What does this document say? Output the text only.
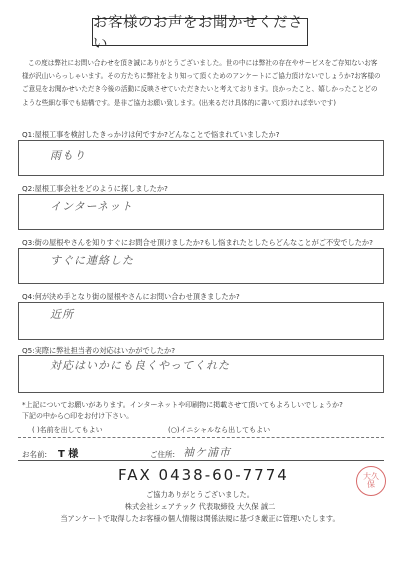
お客様のお声をお聞かせください
この度は弊社にお問い合わせを頂き誠にありがとうございました。世の中には弊社の存在やサービスをご存知ないお客様が沢山いらっしゃいます。その方たちに弊社をより知って頂くためのアンケートにご協力頂けないでしょうか?お客様のご意見をお聞かせいただき今後の活動に反映させていただきたいと考えております。良かったこと、嬉しかったことどのような些細な事でも結構です。是非ご協力お願い致します。(出来るだけ具体的に書いて頂ければ幸いです)
Q1:屋根工事を検討したきっかけは何ですか?どんなことで悩まれていましたか?
雨もり
Q2:屋根工事会社をどのように探しましたか?
インターネット
Q3:街の屋根やさんを知りすぐにお問合せ頂けましたか?もし悩まれたとしたらどんなことがご不安でしたか?
すぐに連絡した
Q4:何が決め手となり街の屋根やさんにお問い合わせ頂きましたか?
近所
Q5:実際に弊社担当者の対応はいかがでしたか?
対応はいかにも良くやってくれた
*上記についてお願いがあります。インターネットや印刷物に掲載させて頂いてもよろしいでしょうか?
下記の中から○印をお付け下さい。
( )名前を出してもよい	(○)イニシャルなら出してもよい
お名前: T 様	ご住所: 袖ケ浦市
FAX 0438-60-7774
ご協力ありがとうございました。
株式会社シェアテック 代表取締役 大久保 誠二
当アンケートで取得したお客様の個人情報は関係法規に基づき厳正に管理いたします。
大久保
